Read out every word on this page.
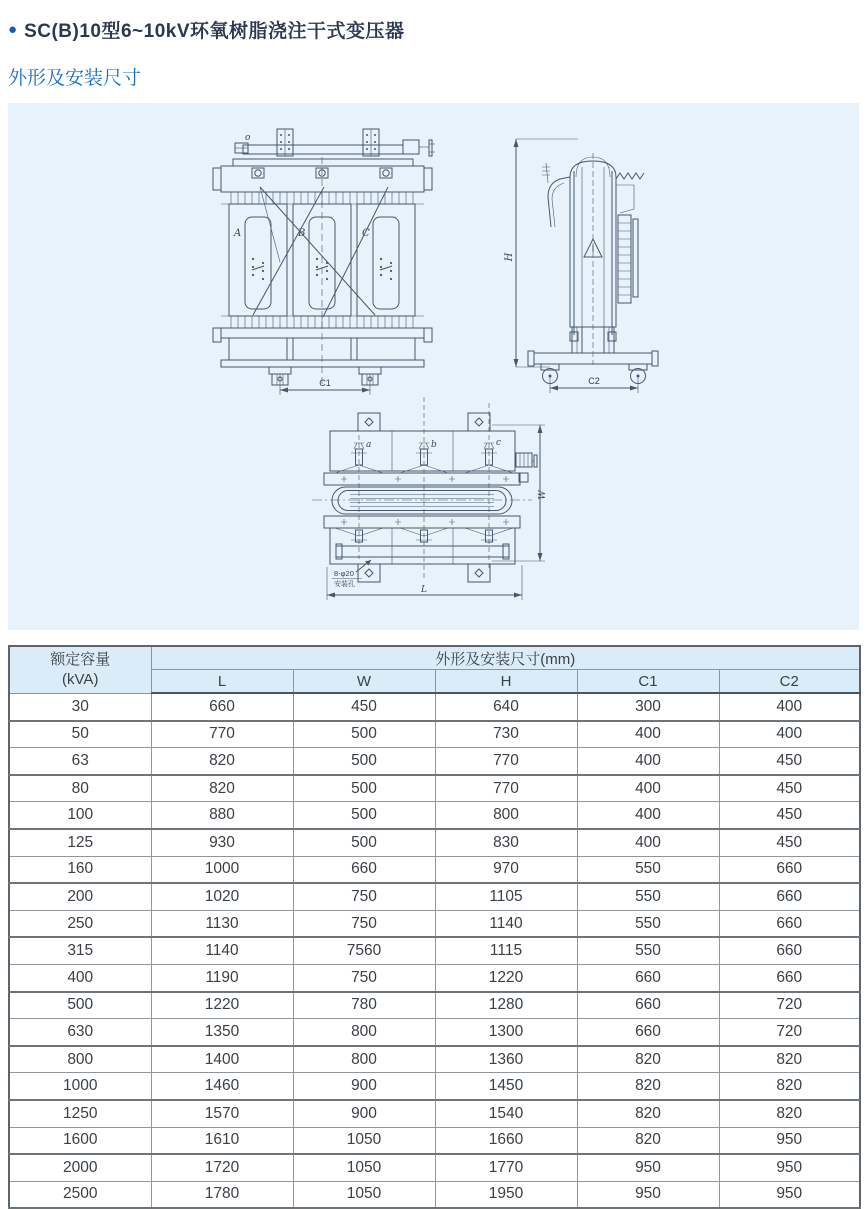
● SC(B)10型6~10kV环氧树脂浇注干式变压器
外形及安装尺寸
o
A	B	C
C1
H
C2
a	b	c
W
L
8-φ20
安装孔
额定容量
(kVA)	外形及安装尺寸(mm)				
	L	W	H	C1	C2
30	660	450	640	300	400
50	770	500	730	400	400
63	820	500	770	400	450
80	820	500	770	400	450
100	880	500	800	400	450
125	930	500	830	400	450
160	1000	660	970	550	660
200	1020	750	1105	550	660
250	1130	750	1140	550	660
315	1140	7560	1115	550	660
400	1190	750	1220	660	660
500	1220	780	1280	660	720
630	1350	800	1300	660	720
800	1400	800	1360	820	820
1000	1460	900	1450	820	820
1250	1570	900	1540	820	820
1600	1610	1050	1660	820	950
2000	1720	1050	1770	950	950
2500	1780	1050	1950	950	950
